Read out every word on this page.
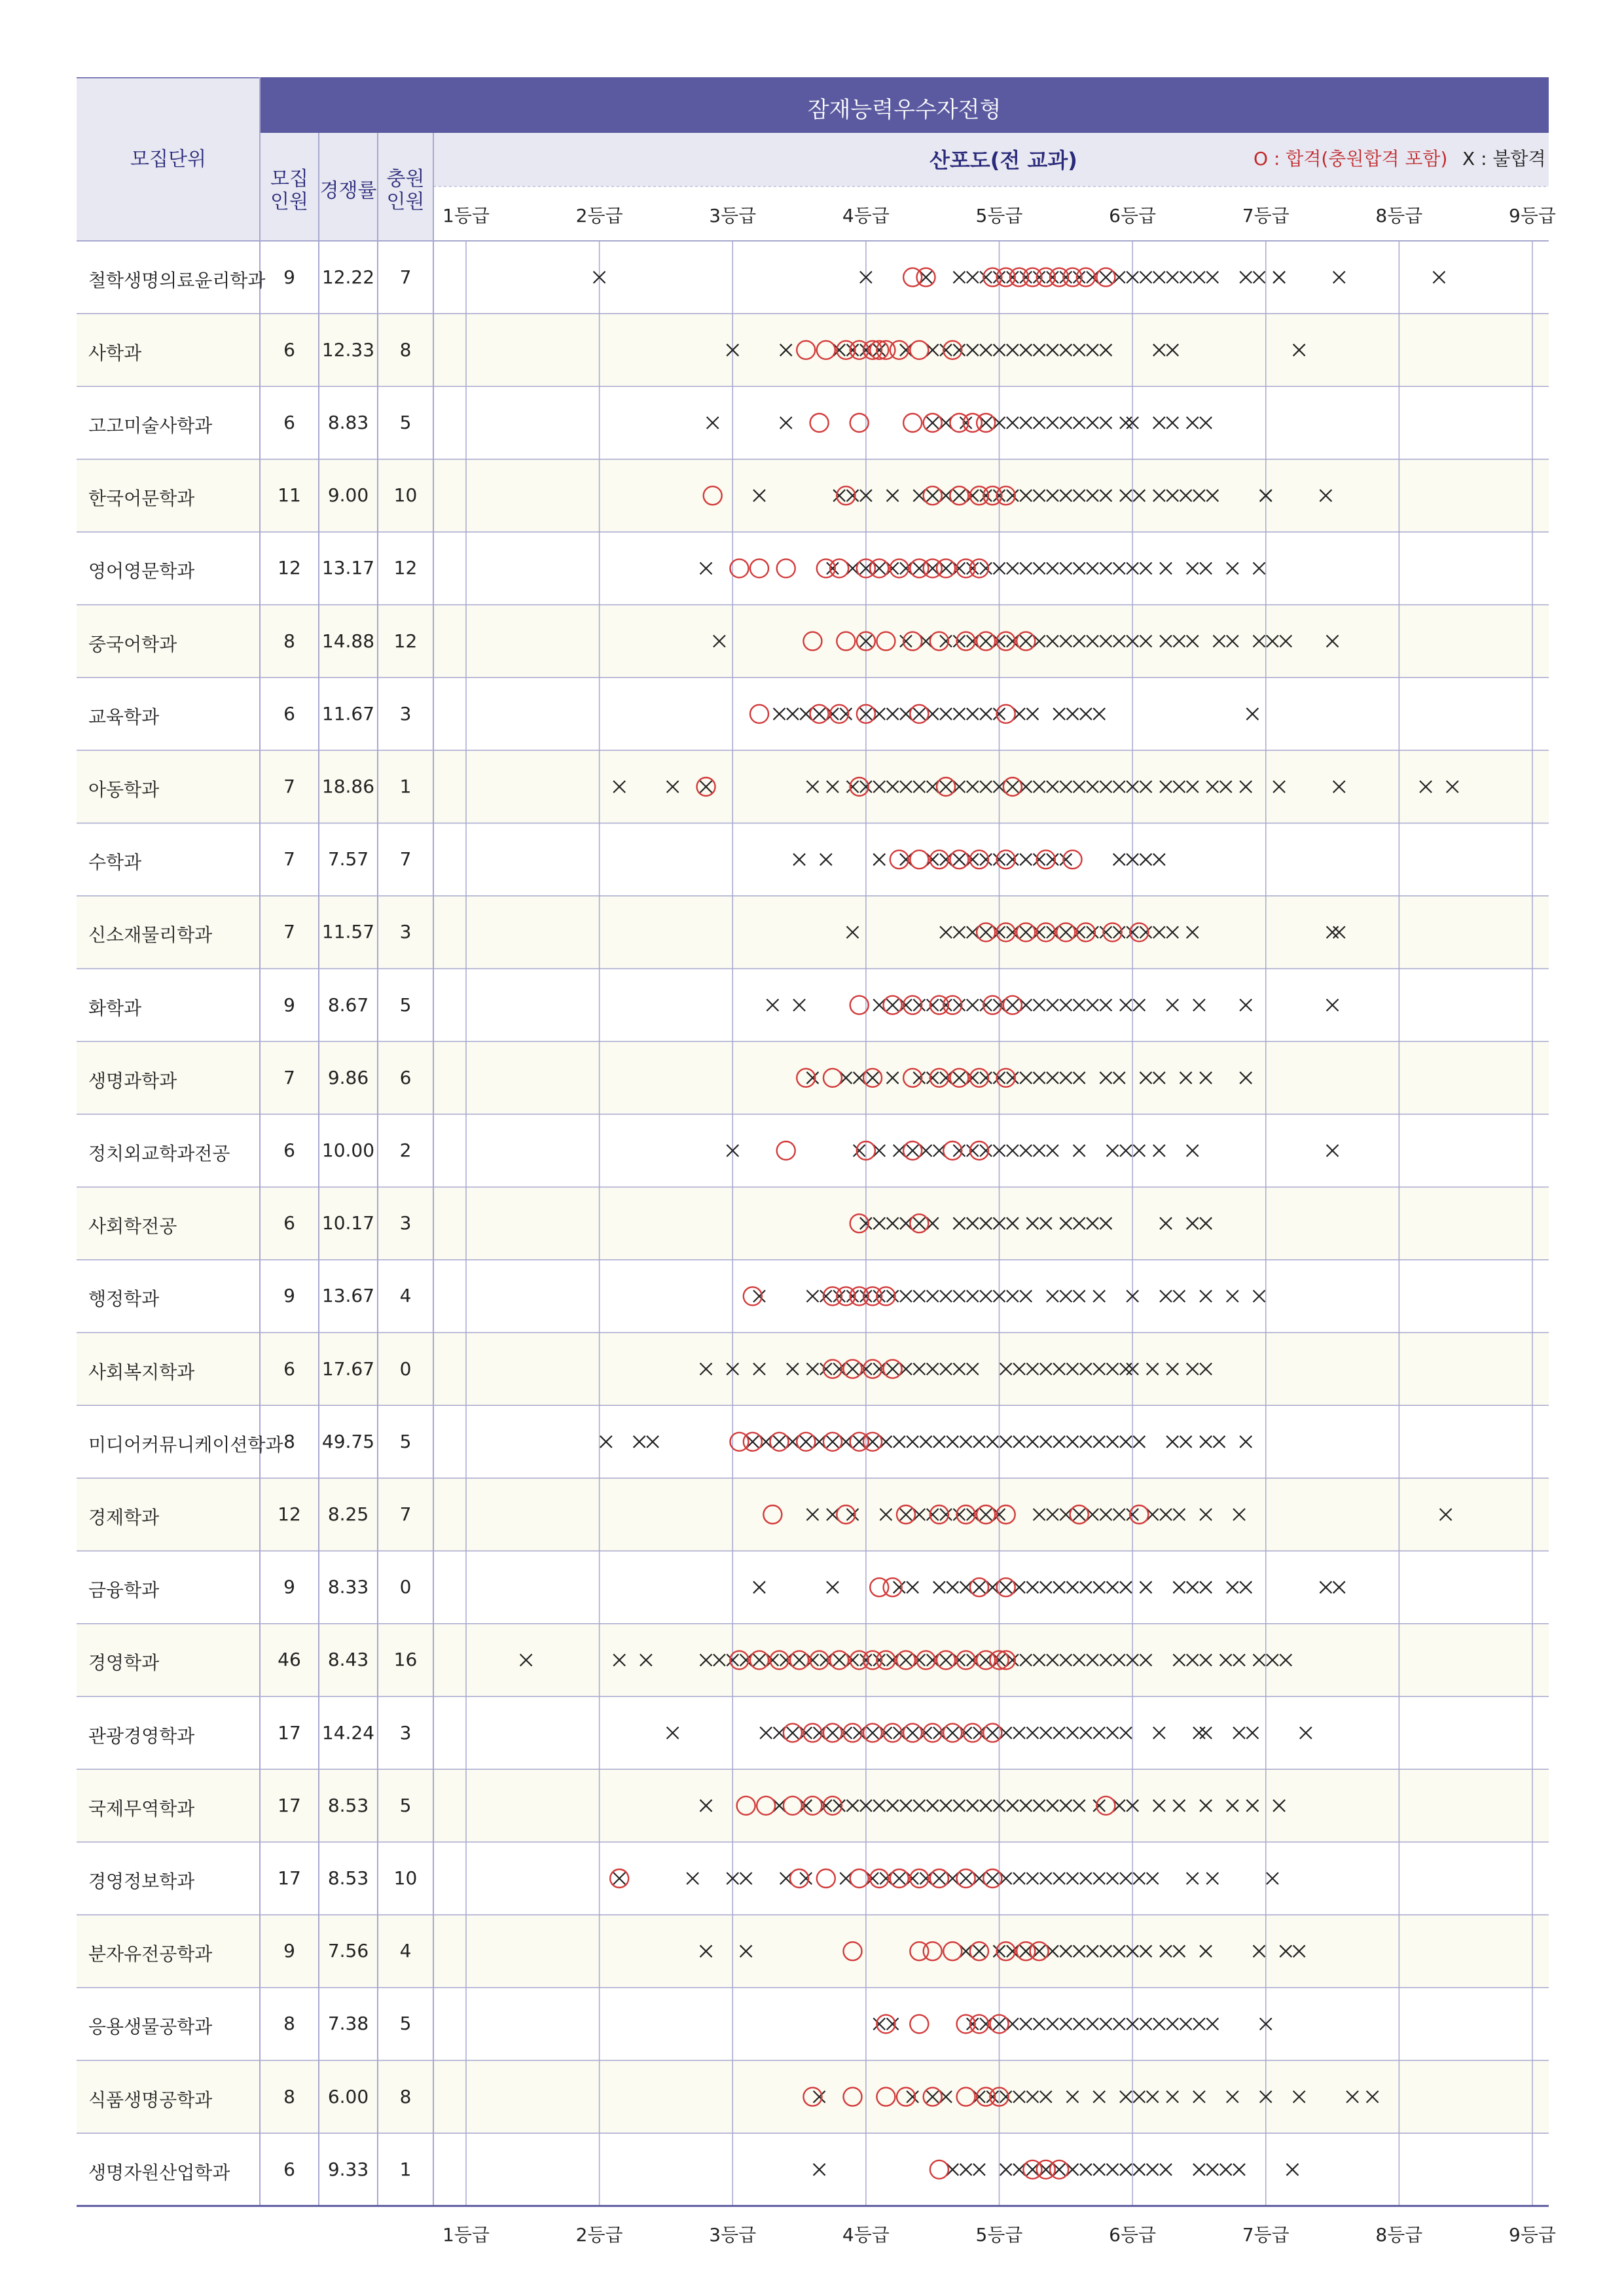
잠재능력우수자전형
모집단위
모집
인원 경쟁률
충원
인원
산포도(전 교과)	O : 합격(충원합격 포함) X : 불합격
철학생명의료윤리학과 9	12.22	7
사학과	6	12.33	8
고고미술사학과	6	8.83	5
한국어문학과	11	9.00	10
영어영문학과	12	13.17	12
중국어학과	8	14.88	12
교육학과	6	11.67	3
아동학과	7	18.86	1
수학과	7	7.57	7
신소재물리학과	7	11.57	3
화학과	9	8.67	5
생명과학과	7	9.86	6
정치외교학과전공	6	10.00	2
사회학전공	6	10.17	3
행정학과	9	13.67	4
사회복지학과	6	17.67	0
미디어커뮤니케이션학과 8	49.75	5
경제학과	12	8.25	7
금융학과	9	8.33	0
경영학과	46	8.43	16
관광경영학과	17	14.24	3
국제무역학과	17	8.53	5
경영정보학과	17	8.53	10
분자유전공학과	9	7.56	4
응용생물공학과	8	7.38	5
식품생명공학과	8	6.00	8
생명자원산업학과	6	9.33	1
1등급
1등급
2등급
2등급
3등급
3등급
4등급
4등급
5등급
5등급
6등급
6등급
7등급
7등급
8등급
8등급
9등급
9등급
